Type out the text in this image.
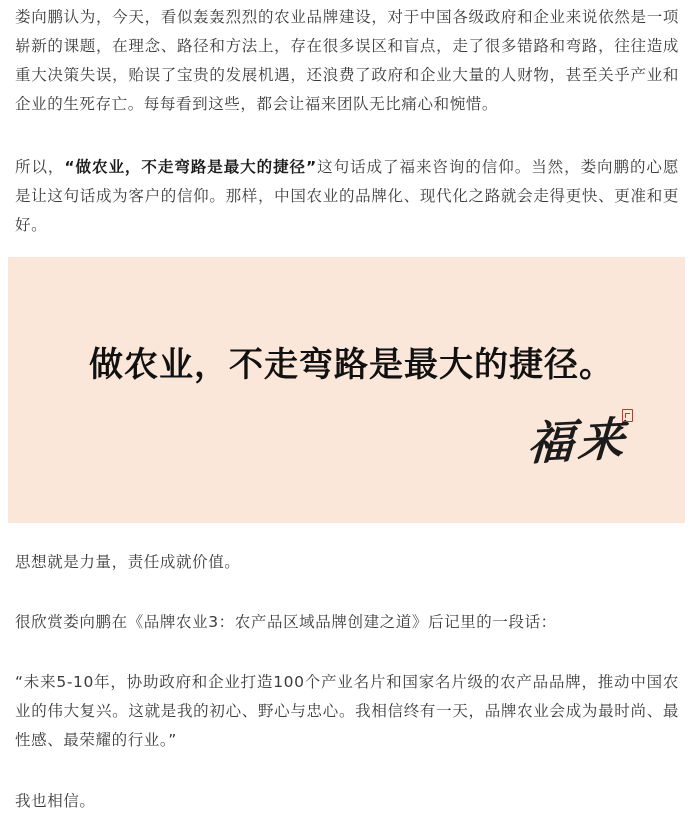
娄向鹏认为，今天，看似轰轰烈烈的农业品牌建设，对于中国各级政府和企业来说依然是一项崭新的课题，在理念、路径和方法上，存在很多误区和盲点，走了很多错路和弯路，往往造成重大决策失误，贻误了宝贵的发展机遇，还浪费了政府和企业大量的人财物，甚至关乎产业和企业的生死存亡。每每看到这些，都会让福来团队无比痛心和惋惜。

所以，“做农业，不走弯路是最大的捷径”这句话成了福来咨询的信仰。当然，娄向鹏的心愿是让这句话成为客户的信仰。那样，中国农业的品牌化、现代化之路就会走得更快、更准和更好。

做农业，不走弯路是最大的捷径。
福来

思想就是力量，责任成就价值。

很欣赏娄向鹏在《品牌农业3：农产品区域品牌创建之道》后记里的一段话：

“未来5-10年，协助政府和企业打造100个产业名片和国家名片级的农产品品牌，推动中国农业的伟大复兴。这就是我的初心、野心与忠心。我相信终有一天，品牌农业会成为最时尚、最性感、最荣耀的行业。”

我也相信。
